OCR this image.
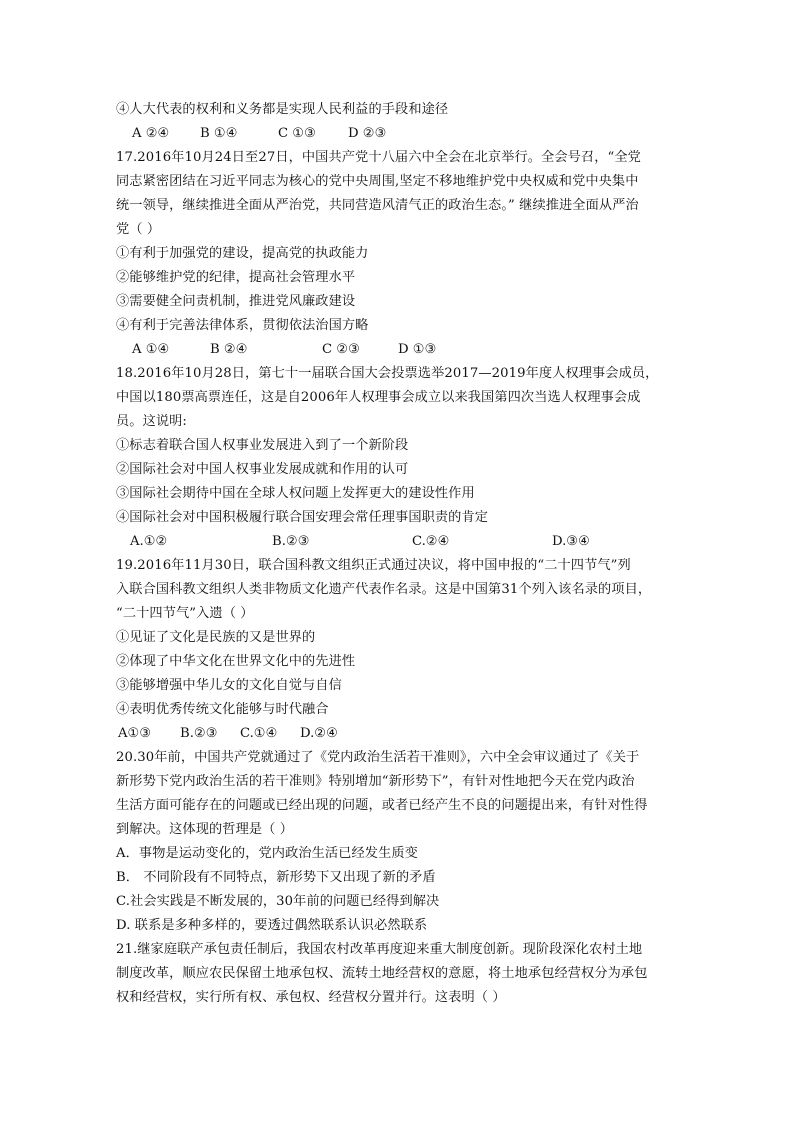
④人大代表的权利和义务都是实现人民利益的手段和途径
A ②④ B ①④	C ①③ D ②③
17.2016年10月24日至27日，中国共产党十八届六中全会在北京举行。全会号召，“全党
同志紧密团结在习近平同志为核心的党中央周围,坚定不移地维护党中央权威和党中央集中
统一领导，继续推进全面从严治党，共同营造风清气正的政治生态。” 继续推进全面从严治
党（ ）
①有利于加强党的建设，提高党的执政能力
②能够维护党的纪律，提高社会管理水平
③需要健全问责机制，推进党风廉政建设
④有利于完善法律体系，贯彻依法治国方略
A ①④	B ②④	C ②③	D ①③
18.2016年10月28日，第七十一届联合国大会投票选举2017—2019年度人权理事会成员，
中国以180票高票连任，这是自2006年人权理事会成立以来我国第四次当选人权理事会成
员。这说明:
①标志着联合国人权事业发展进入到了一个新阶段
②国际社会对中国人权事业发展成就和作用的认可
③国际社会期待中国在全球人权问题上发挥更大的建设性作用
④国际社会对中国积极履行联合国安理会常任理事国职责的肯定
A.①②	B.②③	C.②④	D.③④
19.2016年11月30日，联合国科教文组织正式通过决议，将中国申报的“二十四节气”列
入联合国科教文组织人类非物质文化遗产代表作名录。这是中国第31个列入该名录的项目，
“二十四节气”入遗（ ）
①见证了文化是民族的又是世界的
②体现了中华文化在世界文化中的先进性
③能够增强中华儿女的文化自觉与自信
④表明优秀传统文化能够与时代融合
A①③ B.②③ C.①④ D.②④
20.30年前，中国共产党就通过了《党内政治生活若干准则》，六中全会审议通过了《关于
新形势下党内政治生活的若干准则》特别增加“新形势下”，有针对性地把今天在党内政治
生活方面可能存在的问题或已经出现的问题，或者已经产生不良的问题提出来，有针对性得
到解决。这体现的哲理是（ ）
A．事物是运动变化的，党内政治生活已经发生质变
B． 不同阶段有不同特点，新形势下又出现了新的矛盾
C.社会实践是不断发展的，30年前的问题已经得到解决
D. 联系是多种多样的，要透过偶然联系认识必然联系
21.继家庭联产承包责任制后，我国农村改革再度迎来重大制度创新。现阶段深化农村土地
制度改革，顺应农民保留土地承包权、流转土地经营权的意愿，将土地承包经营权分为承包
权和经营权，实行所有权、承包权、经营权分置并行。这表明（ ）
